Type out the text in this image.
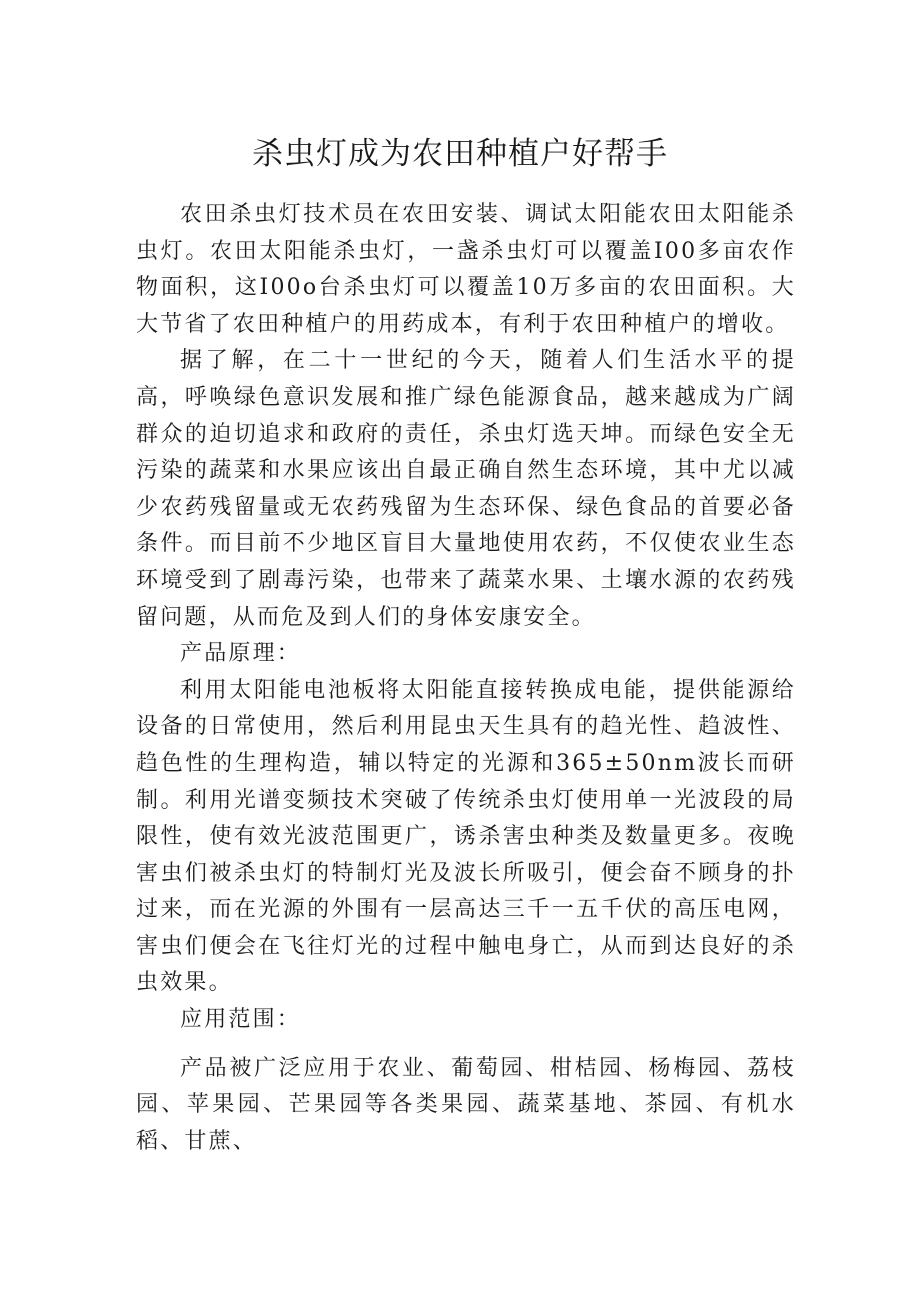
杀虫灯成为农田种植户好帮手

农田杀虫灯技术员在农田安装、调试太阳能农田太阳能杀虫灯。农田太阳能杀虫灯，一盏杀虫灯可以覆盖I00多亩农作物面积，这I00o台杀虫灯可以覆盖10万多亩的农田面积。大大节省了农田种植户的用药成本，有利于农田种植户的增收。

据了解，在二十一世纪的今天，随着人们生活水平的提高，呼唤绿色意识发展和推广绿色能源食品，越来越成为广阔群众的迫切追求和政府的责任，杀虫灯选天坤。而绿色安全无污染的蔬菜和水果应该出自最正确自然生态环境，其中尤以减少农药残留量或无农药残留为生态环保、绿色食品的首要必备条件。而目前不少地区盲目大量地使用农药，不仅使农业生态环境受到了剧毒污染，也带来了蔬菜水果、土壤水源的农药残留问题，从而危及到人们的身体安康安全。

产品原理：

利用太阳能电池板将太阳能直接转换成电能，提供能源给设备的日常使用，然后利用昆虫天生具有的趋光性、趋波性、趋色性的生理构造，辅以特定的光源和365±50nm波长而研制。利用光谱变频技术突破了传统杀虫灯使用单一光波段的局限性，使有效光波范围更广，诱杀害虫种类及数量更多。夜晚害虫们被杀虫灯的特制灯光及波长所吸引，便会奋不顾身的扑过来，而在光源的外围有一层高达三千一五千伏的高压电网，害虫们便会在飞往灯光的过程中触电身亡，从而到达良好的杀虫效果。

应用范围：

产品被广泛应用于农业、葡萄园、柑桔园、杨梅园、荔枝园、苹果园、芒果园等各类果园、蔬菜基地、茶园、有机水稻、甘蔗、
